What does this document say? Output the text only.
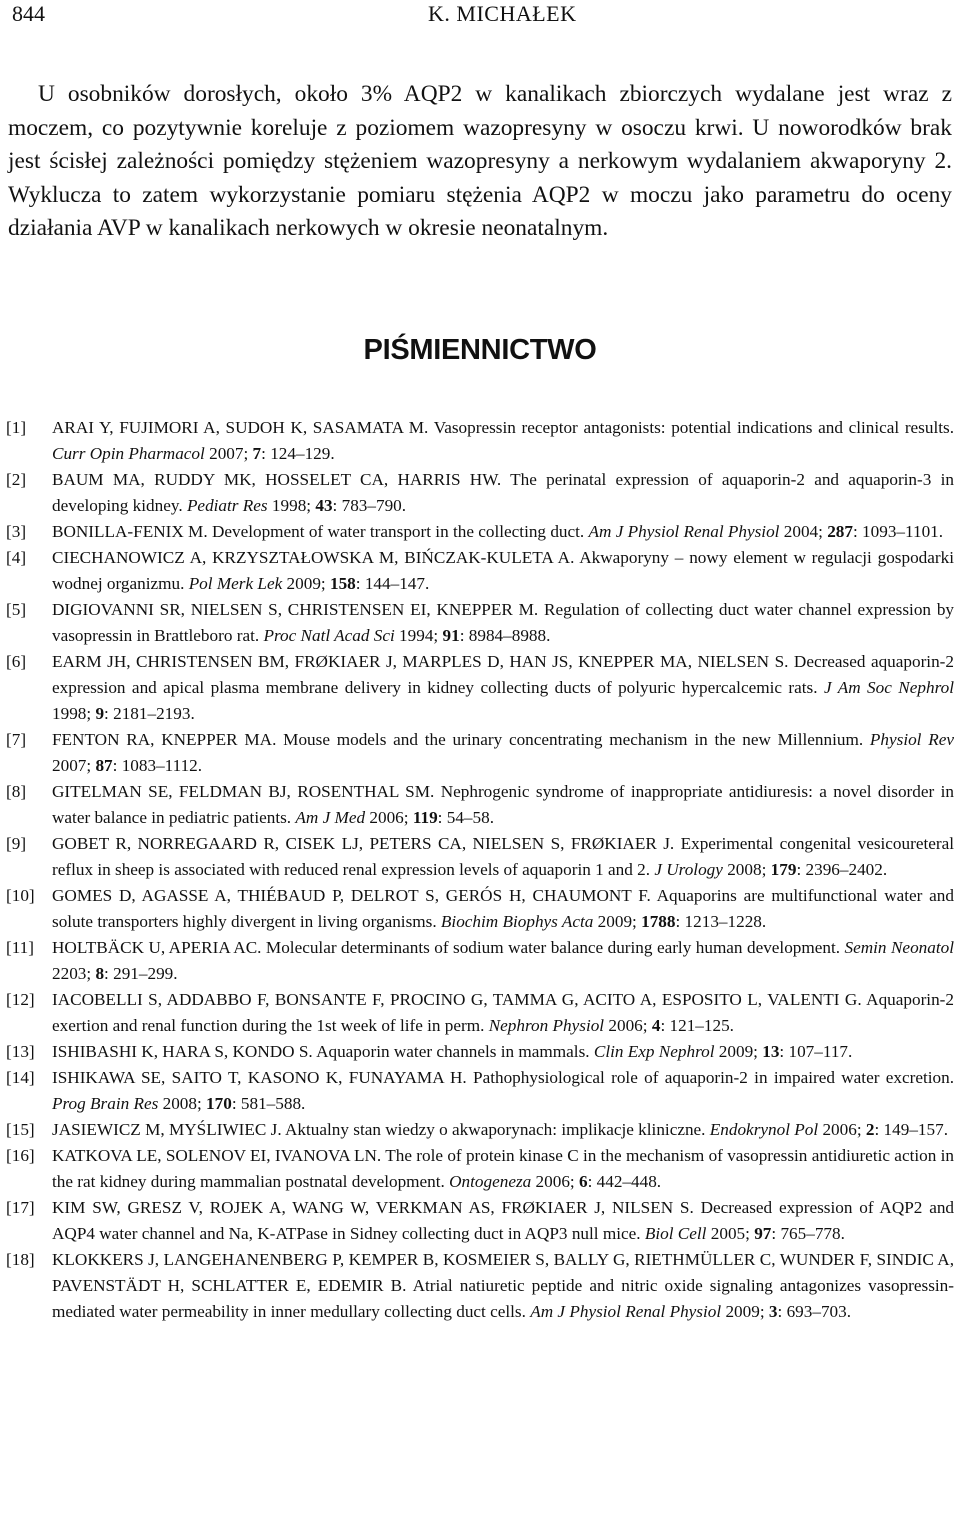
844	K. MICHAŁEK

U osobników dorosłych, około 3% AQP2 w kanalikach zbiorczych wydalane jest wraz z moczem, co pozytywnie koreluje z poziomem wazopresyny w osoczu krwi. U noworodków brak jest ścisłej zależności pomiędzy stężeniem wazopresyny a nerkowym wydalaniem akwaporyny 2. Wyklucza to zatem wykorzystanie pomiaru stężenia AQP2 w moczu jako parametru do oceny działania AVP w kanalikach nerkowych w okresie neonatalnym.

PIŚMIENNICTWO
[1] ARAI Y, FUJIMORI A, SUDOH K, SASAMATA M. Vasopressin receptor antagonists: potential indications and clinical results. Curr Opin Pharmacol 2007; 7: 124–129.
[2] BAUM MA, RUDDY MK, HOSSELET CA, HARRIS HW. The perinatal expression of aquaporin-2 and aquaporin-3 in developing kidney. Pediatr Res 1998; 43: 783–790.
[3] BONILLA-FENIX M. Development of water transport in the collecting duct. Am J Physiol Renal Physiol 2004; 287: 1093–1101.
[4] CIECHANOWICZ A, KRZYSZTAŁOWSKA M, BIŃCZAK-KULETA A. Akwaporyny – nowy element w regulacji gospodarki wodnej organizmu. Pol Merk Lek 2009; 158: 144–147.
[5] DIGIOVANNI SR, NIELSEN S, CHRISTENSEN EI, KNEPPER M. Regulation of collecting duct water channel expression by vasopressin in Brattleboro rat. Proc Natl Acad Sci 1994; 91: 8984–8988.
[6] EARM JH, CHRISTENSEN BM, FRØKIAER J, MARPLES D, HAN JS, KNEPPER MA, NIELSEN S. Decreased aquaporin-2 expression and apical plasma membrane delivery in kidney collecting ducts of polyuric hypercalcemic rats. J Am Soc Nephrol 1998; 9: 2181–2193.
[7] FENTON RA, KNEPPER MA. Mouse models and the urinary concentrating mechanism in the new Millennium. Physiol Rev 2007; 87: 1083–1112.
[8] GITELMAN SE, FELDMAN BJ, ROSENTHAL SM. Nephrogenic syndrome of inappropriate antidiuresis: a novel disorder in water balance in pediatric patients. Am J Med 2006; 119: 54–58.
[9] GOBET R, NORREGAARD R, CISEK LJ, PETERS CA, NIELSEN S, FRØKIAER J. Experimental congenital vesicoureteral reflux in sheep is associated with reduced renal expression levels of aquaporin 1 and 2. J Urology 2008; 179: 2396–2402.
[10] GOMES D, AGASSE A, THIÉBAUD P, DELROT S, GERÓS H, CHAUMONT F. Aquaporins are multifunctional water and solute transporters highly divergent in living organisms. Biochim Biophys Acta 2009; 1788: 1213–1228.
[11] HOLTBÄCK U, APERIA AC. Molecular determinants of sodium water balance during early human development. Semin Neonatol 2203; 8: 291–299.
[12] IACOBELLI S, ADDABBO F, BONSANTE F, PROCINO G, TAMMA G, ACITO A, ESPOSITO L, VALENTI G. Aquaporin-2 exertion and renal function during the 1st week of life in perm. Nephron Physiol 2006; 4: 121–125.
[13] ISHIBASHI K, HARA S, KONDO S. Aquaporin water channels in mammals. Clin Exp Nephrol 2009; 13: 107–117.
[14] ISHIKAWA SE, SAITO T, KASONO K, FUNAYAMA H. Pathophysiological role of aquaporin-2 in impaired water excretion. Prog Brain Res 2008; 170: 581–588.
[15] JASIEWICZ M, MYŚLIWIEC J. Aktualny stan wiedzy o akwaporynach: implikacje kliniczne. Endokrynol Pol 2006; 2: 149–157.
[16] KATKOVA LE, SOLENOV EI, IVANOVA LN. The role of protein kinase C in the mechanism of vasopressin antidiuretic action in the rat kidney during mammalian postnatal development. Ontogeneza 2006; 6: 442–448.
[17] KIM SW, GRESZ V, ROJEK A, WANG W, VERKMAN AS, FRØKIAER J, NILSEN S. Decreased expression of AQP2 and AQP4 water channel and Na, K-ATPase in Sidney collecting duct in AQP3 null mice. Biol Cell 2005; 97: 765–778.
[18] KLOKKERS J, LANGEHANENBERG P, KEMPER B, KOSMEIER S, BALLY G, RIETHMÜLLER C, WUNDER F, SINDIC A, PAVENSTÄDT H, SCHLATTER E, EDEMIR B. Atrial natiuretic peptide and nitric oxide signaling antagonizes vasopressin-mediated water permeability in inner medullary collecting duct cells. Am J Physiol Renal Physiol 2009; 3: 693–703.
